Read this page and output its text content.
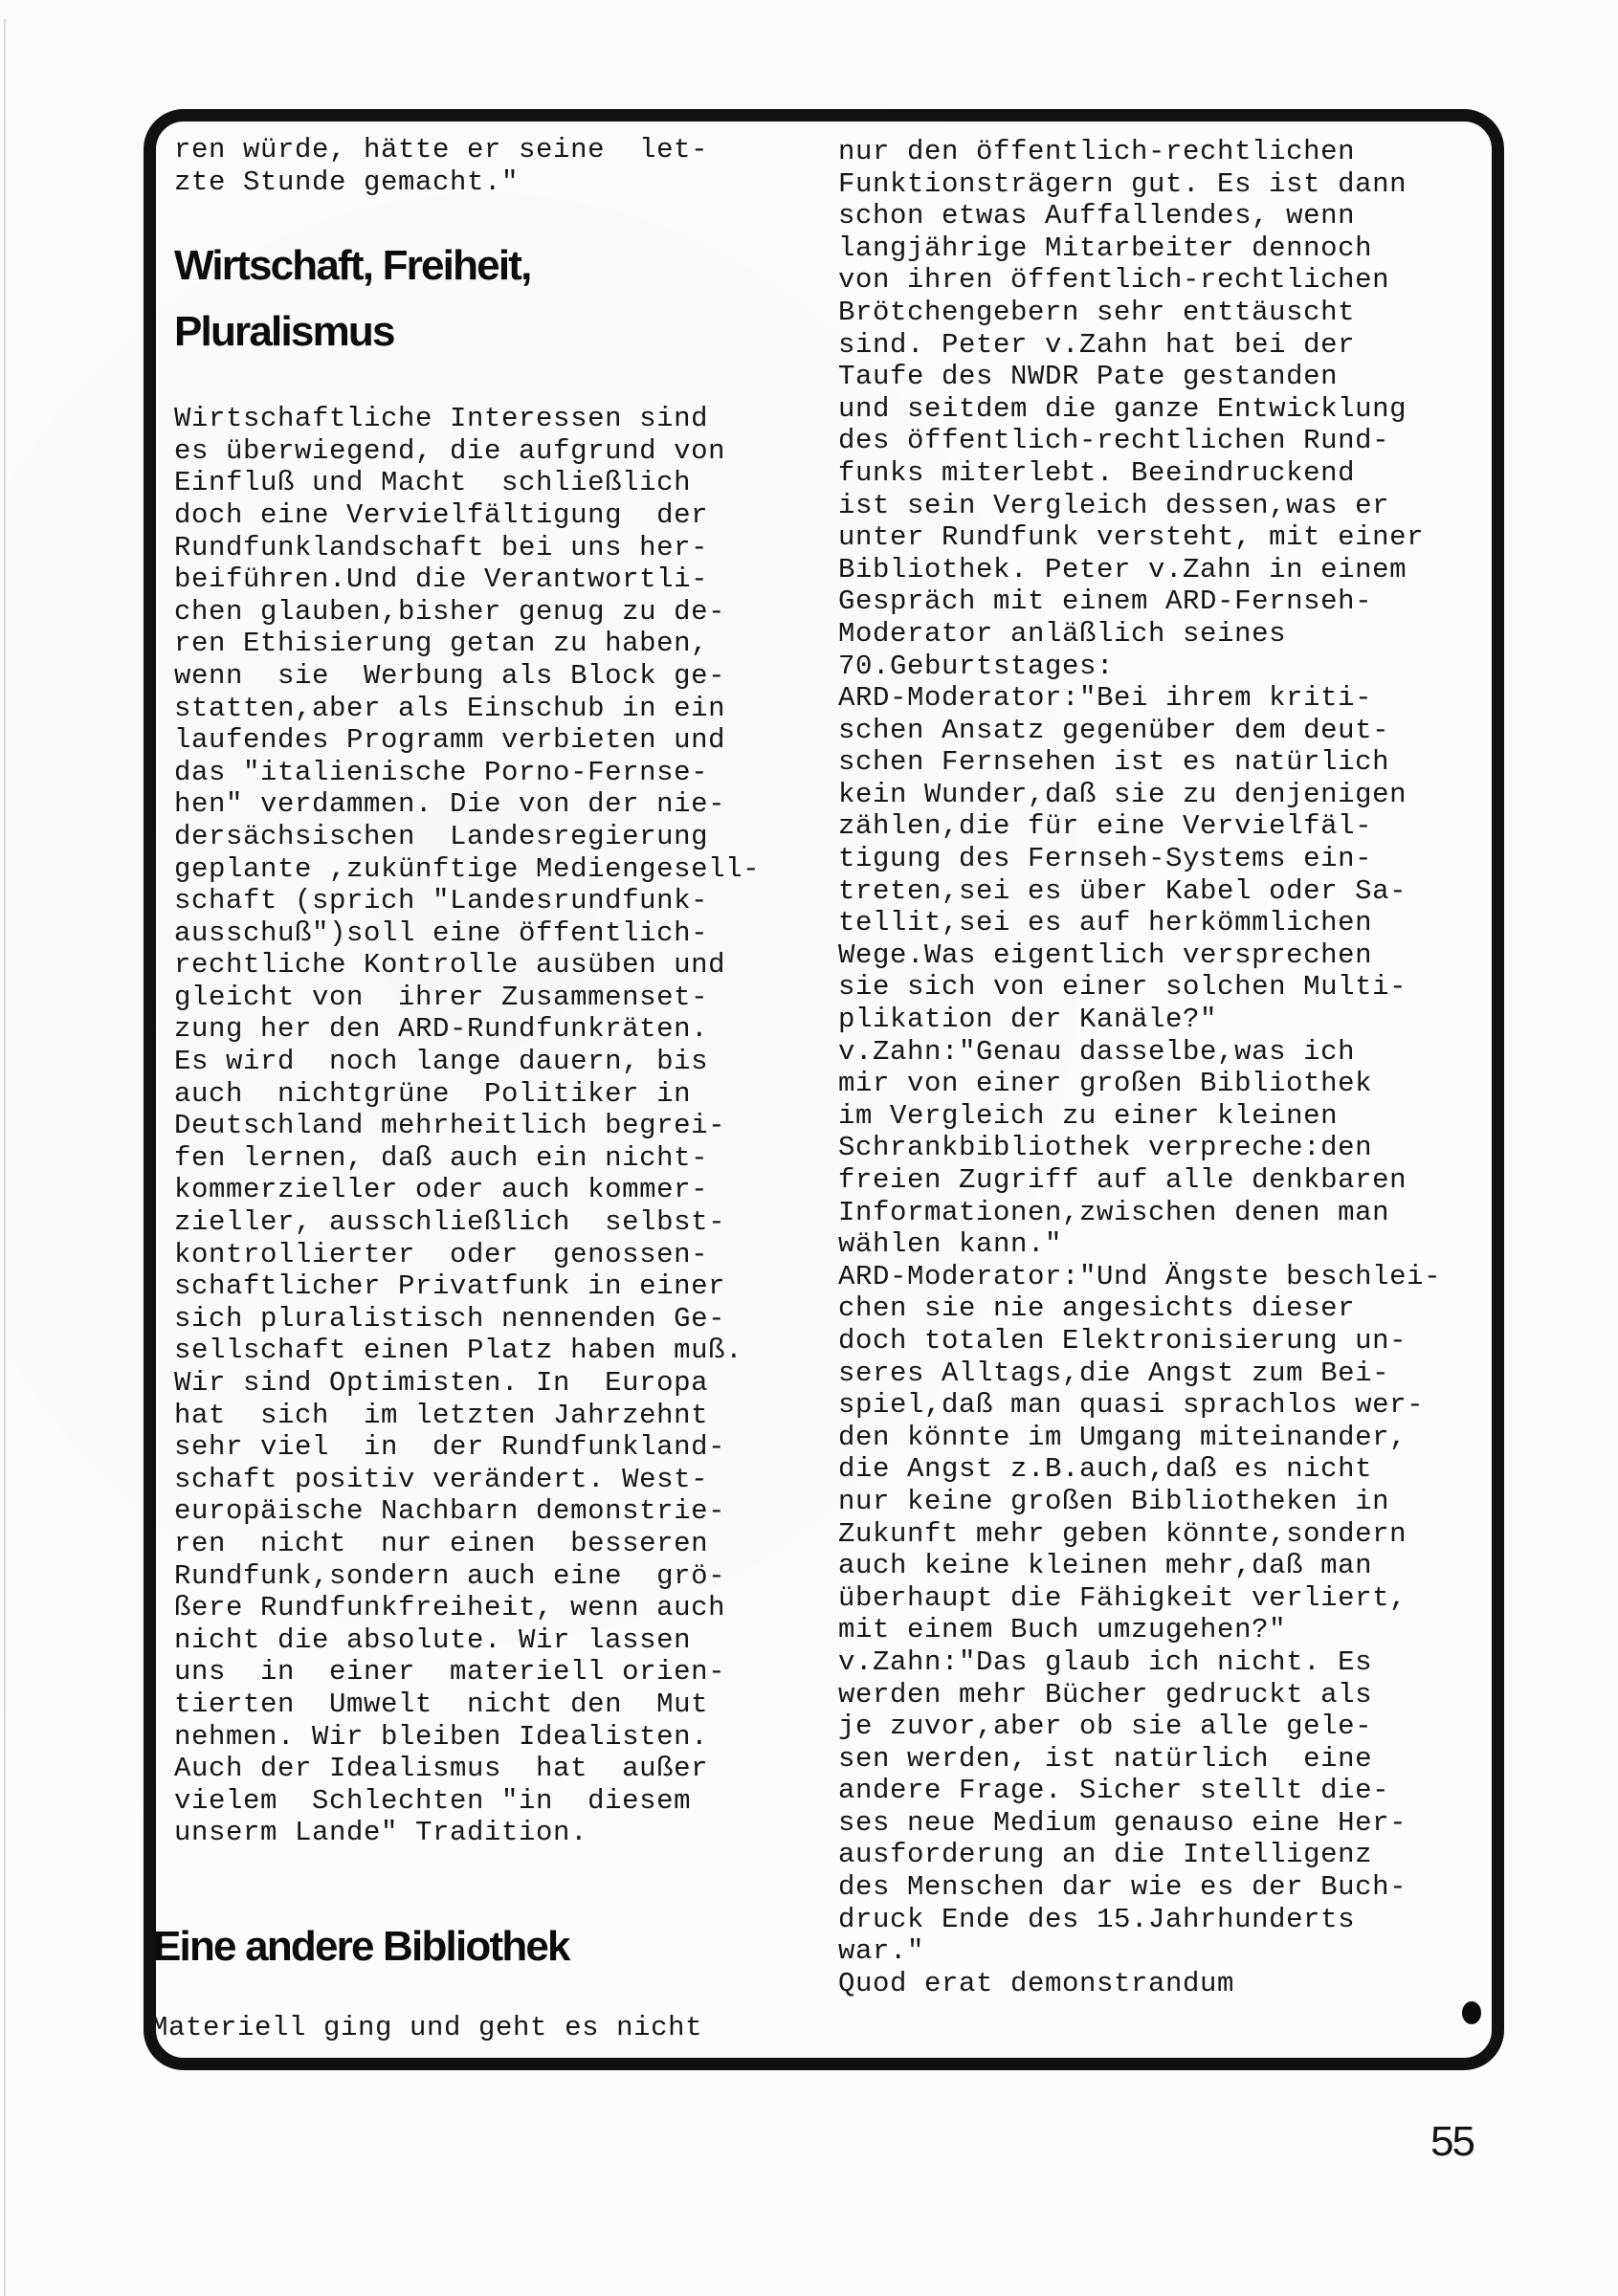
ren würde, hätte er seine  let-
zte Stunde gemacht."
Wirtschaft, Freiheit,
Pluralismus
Wirtschaftliche Interessen sind
es überwiegend, die aufgrund von
Einfluß und Macht  schließlich
doch eine Vervielfältigung  der
Rundfunklandschaft bei uns her-
beiführen.Und die Verantwortli-
chen glauben,bisher genug zu de-
ren Ethisierung getan zu haben,
wenn  sie  Werbung als Block ge-
statten,aber als Einschub in ein
laufendes Programm verbieten und
das "italienische Porno-Fernse-
hen" verdammen. Die von der nie-
dersächsischen  Landesregierung
geplante ,zukünftige Mediengesell-
schaft (sprich "Landesrundfunk-
ausschuß")soll eine öffentlich-
rechtliche Kontrolle ausüben und
gleicht von  ihrer Zusammenset-
zung her den ARD-Rundfunkräten.
Es wird  noch lange dauern, bis
auch  nichtgrüne  Politiker in
Deutschland mehrheitlich begrei-
fen lernen, daß auch ein nicht-
kommerzieller oder auch kommer-
zieller, ausschließlich  selbst-
kontrollierter  oder  genossen-
schaftlicher Privatfunk in einer
sich pluralistisch nennenden Ge-
sellschaft einen Platz haben muß.
Wir sind Optimisten. In  Europa
hat  sich  im letzten Jahrzehnt
sehr viel  in  der Rundfunkland-
schaft positiv verändert. West-
europäische Nachbarn demonstrie-
ren  nicht  nur einen  besseren
Rundfunk,sondern auch eine  grö-
ßere Rundfunkfreiheit, wenn auch
nicht die absolute. Wir lassen
uns  in  einer  materiell orien-
tierten  Umwelt  nicht den  Mut
nehmen. Wir bleiben Idealisten.
Auch der Idealismus  hat  außer
vielem  Schlechten "in  diesem
unserm Lande" Tradition.
Eine andere Bibliothek
Materiell ging und geht es nicht
nur den öffentlich-rechtlichen
Funktionsträgern gut. Es ist dann
schon etwas Auffallendes, wenn
langjährige Mitarbeiter dennoch
von ihren öffentlich-rechtlichen
Brötchengebern sehr enttäuscht
sind. Peter v.Zahn hat bei der
Taufe des NWDR Pate gestanden
und seitdem die ganze Entwicklung
des öffentlich-rechtlichen Rund-
funks miterlebt. Beeindruckend
ist sein Vergleich dessen,was er
unter Rundfunk versteht, mit einer
Bibliothek. Peter v.Zahn in einem
Gespräch mit einem ARD-Fernseh-
Moderator anläßlich seines
70.Geburtstages:
ARD-Moderator:"Bei ihrem kriti-
schen Ansatz gegenüber dem deut-
schen Fernsehen ist es natürlich
kein Wunder,daß sie zu denjenigen
zählen,die für eine Vervielfäl-
tigung des Fernseh-Systems ein-
treten,sei es über Kabel oder Sa-
tellit,sei es auf herkömmlichen
Wege.Was eigentlich versprechen
sie sich von einer solchen Multi-
plikation der Kanäle?"
v.Zahn:"Genau dasselbe,was ich
mir von einer großen Bibliothek
im Vergleich zu einer kleinen
Schrankbibliothek verpreche:den
freien Zugriff auf alle denkbaren
Informationen,zwischen denen man
wählen kann."
ARD-Moderator:"Und Ängste beschlei-
chen sie nie angesichts dieser
doch totalen Elektronisierung un-
seres Alltags,die Angst zum Bei-
spiel,daß man quasi sprachlos wer-
den könnte im Umgang miteinander,
die Angst z.B.auch,daß es nicht
nur keine großen Bibliotheken in
Zukunft mehr geben könnte,sondern
auch keine kleinen mehr,daß man
überhaupt die Fähigkeit verliert,
mit einem Buch umzugehen?"
v.Zahn:"Das glaub ich nicht. Es
werden mehr Bücher gedruckt als
je zuvor,aber ob sie alle gele-
sen werden, ist natürlich  eine
andere Frage. Sicher stellt die-
ses neue Medium genauso eine Her-
ausforderung an die Intelligenz
des Menschen dar wie es der Buch-
druck Ende des 15.Jahrhunderts
war."
Quod erat demonstrandum
55
